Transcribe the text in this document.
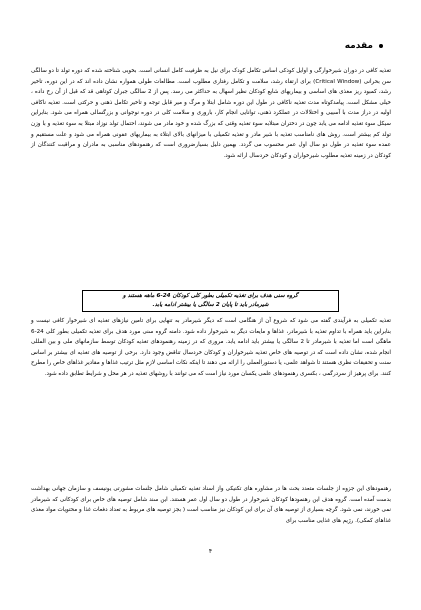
مقدمه

تغذیه کافی در دوران شیرخوارگی و اوایل کودکی اساس تکامل کودک برای نیل به ظرفیت کامل انسانی است. بخوبی شناخته شده که دوره تولد تا دو سالگی سن بحرانی (Critical Window) برای ارتقاء رشد، سلامت و تکامل رفتاری مطلوب است. مطالعات طولی همواره نشان داده اند که در این دوره، تاخیر رشد، کمبود ریز مغذی های اساسی و بیماریهای شایع کودکان نظیر اسهال به حداکثر می رسد. پس از 2 سالگی جبران کوتاهی قد که قبل از آن رخ داده ، خیلی مشکل است. پیامدکوتاه مدت تغذیه ناکافی در طول این دوره شامل ابتلا و مرگ و میر قابل توجه و تاخیر تکامل ذهنی و حرکتی است. تغذیه ناکافی اولیه در دراز مدت با آسیبی و اختلالات در عملکرد ذهنی، توانایی انجام کار، باروری و سلامت کلی در دوره نوجوانی و بزرگسالی همراه می شود. بنابراین سیکل سوء تغذیه ادامه می یابد چون در دختران مبتلابه سوء تغذیه وقتی که بزرگ شده و خود مادر می شوند، احتمال تولد نوزاد مبتلا به سوء تغذیه و با وزن تولد کم بیشتر است. روش های نامناسب تغذیه با شیر مادر و تغذیه تکمیلی با میزانهای بالای ابتلاء به بیماریهای عفونی همراه می شود و علت مستقیم و عمده سوء تغذیه در طول دو سال اول عمر محسوب می گردد. بهمین دلیل بسیارضروری است که رهنمودهای مناسبی به مادران و مراقبت کنندگان از کودکان در زمینه تغذیه مطلوب شیرخواران و کودکان خردسال ارائه شود.

گروه سنی هدف برای تغذیه تکمیلی بطور کلی کودکان 24-6 ماهه هستند و
شیرمادر باید تا پایان 2 سالگی یا بیشتر ادامه یابد.

تغذیه تکمیلی به فرآیندی گفته می شود که شروع آن از هنگامی است که دیگر شیرمادر به تنهایی برای تامین نیازهای تغذیه ای شیرخوار کافی نیست و بنابراین باید همراه با تداوم تغذیه با شیرمادر، غذاها و مایعات دیگر به شیرخوار داده شود. دامنه گروه سنی مورد هدف برای تغذیه تکمیلی بطور کلی 24-6 ماهگی است اما تغذیه با شیرمادر تا 2 سالگی یا بیشتر باید ادامه یابد. مروری که در زمینه رهنمودهای تغذیه کودکان توسط سازمانهای ملی و بین المللی انجام شده، نشان داده است که در توصیه های خاص تغذیه شیرخواران و کودکان خردسال تناقض وجود دارد. برخی از توصیه های تغذیه ای بیشتر بر اساس سنت و تحقیقات نظری هستند تا شواهد علمی، یا دستورالعملی را ارائه می دهند تا اینکه نکات اساسی لازم مثل ترتیب غذاها و مقادیر غذاهای خاص را مطرح کنند. برای پرهیز از سردرگمی ، بکسری رهنمودهای علمی یکسان مورد نیاز است که می توانند با روشهای تغذیه در هر محل و شرایط تطابق داده شود.

رهنمودهای این جزوه از جلسات متعدد بحث ها در مشاوره های تکنیکی واز اسناد تغذیه تکمیلی شامل جلسات مشورتی یونیسف و سازمان جهانی بهداشت بدست آمده است. گروه هدف این رهنمودها کودکان شیرخوار در طول دو سال اول عمر هستند. این سند شامل توصیه های خاص برای کودکانی که شیرمادر نمی خورند، نمی شود. گرچه بسیاری از توصیه های آن برای این کودکان نیز مناسب است ( بجز توصیه های مربوط به تعداد دفعات غذا و محتویات مواد مغذی غذاهای کمکی). رژیم های غذایی مناسب برای

۴
